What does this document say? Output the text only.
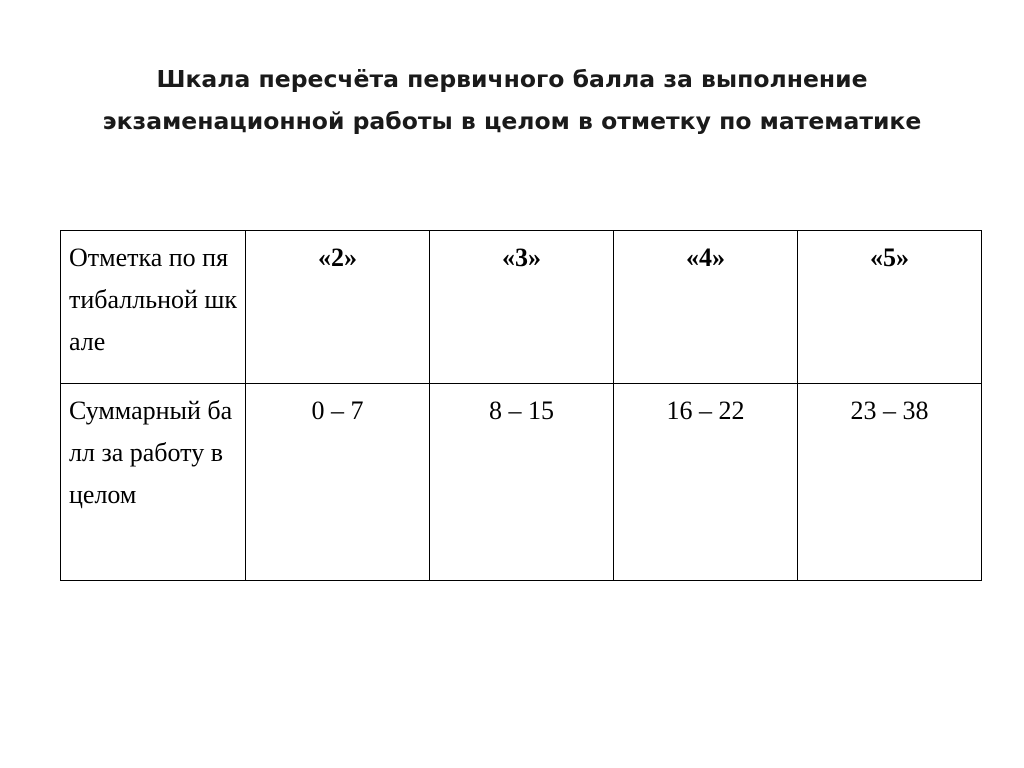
Шкала пересчёта первичного балла за выполнение
экзаменационной работы в целом в отметку по математике
Отметка по пятибалльной шкале	«2»	«3»	«4»	«5»

Суммарный балл за работу в целом	0 – 7	8 – 15	16 – 22	23 – 38
